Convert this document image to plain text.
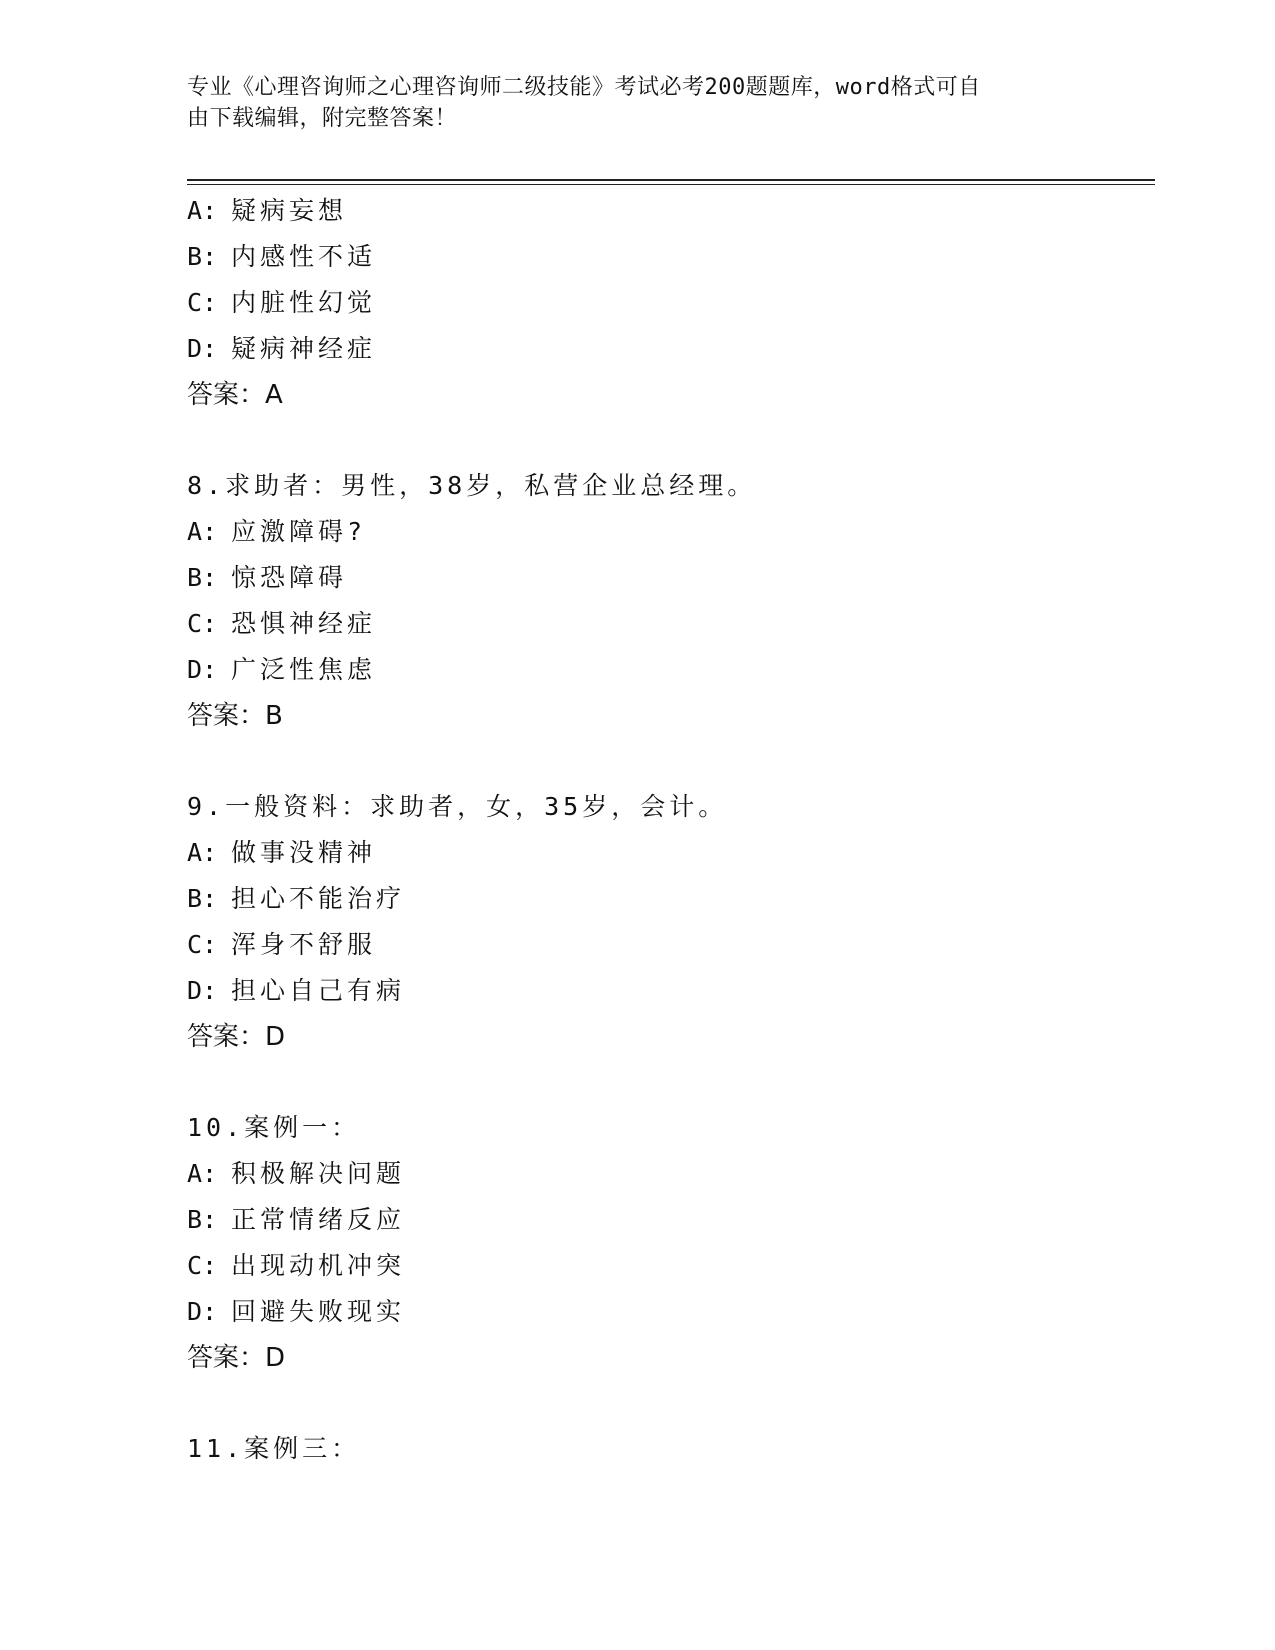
专业《心理咨询师之心理咨询师二级技能》考试必考200题题库，word格式可自
由下载编辑，附完整答案！
A: 疑病妄想
B: 内感性不适
C: 内脏性幻觉
D: 疑病神经症
答案：A
8.求助者：男性，38岁，私营企业总经理。
A: 应激障碍?
B: 惊恐障碍
C: 恐惧神经症
D: 广泛性焦虑
答案：B
9.一般资料：求助者，女，35岁，会计。
A: 做事没精神
B: 担心不能治疗
C: 浑身不舒服
D: 担心自己有病
答案：D
10.案例一：
A: 积极解决问题
B: 正常情绪反应
C: 出现动机冲突
D: 回避失败现实
答案：D
11.案例三：
